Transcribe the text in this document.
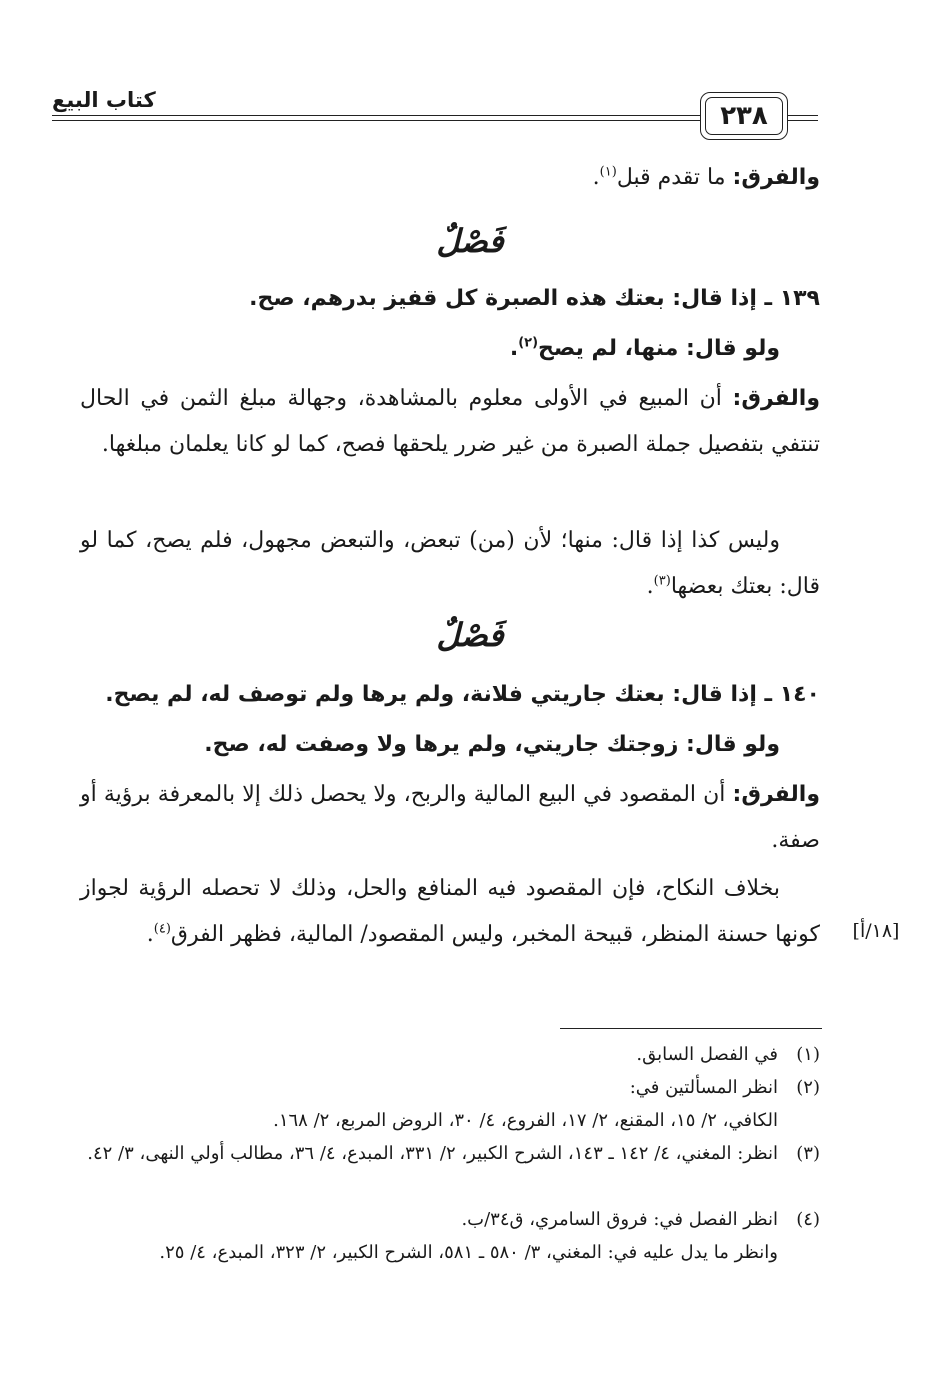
كتاب البيع
٢٣٨
والفرق: ما تقدم قبل$^{(١)}$.
فَصْلٌ
١٣٩ ـ إذا قال: بعتك هذه الصبرة كل قفيز بدرهم، صح.
ولو قال: منها، لم يصح$^{(٢)}$.
والفرق: أن المبيع في الأولى معلوم بالمشاهدة، وجهالة مبلغ الثمن في الحال تنتفي بتفصيل جملة الصبرة من غير ضرر يلحقها فصح، كما لو كانا يعلمان مبلغها.
وليس كذا إذا قال: منها؛ لأن (من) تبعض، والتبعض مجهول، فلم يصح، كما لو قال: بعتك بعضها$^{(٣)}$.
فَصْلٌ
١٤٠ ـ إذا قال: بعتك جاريتي فلانة، ولم يرها ولم توصف له، لم يصح.
ولو قال: زوجتك جاريتي، ولم يرها ولا وصفت له، صح.
والفرق: أن المقصود في البيع المالية والربح، ولا يحصل ذلك إلا بالمعرفة برؤية أو صفة.
بخلاف النكاح، فإن المقصود فيه المنافع والحل، وذلك لا تحصله الرؤية لجواز كونها حسنة المنظر، قبيحة المخبر، وليس المقصود/ المالية، فظهر الفرق$^{(٤)}$.	[١٨/أ]
(١)في الفصل السابق.
(٢)انظر المسألتين في:
الكافي، ٢/ ١٥، المقنع، ٢/ ١٧، الفروع، ٤/ ٣٠، الروض المربع، ٢/ ١٦٨.
(٣)انظر: المغني، ٤/ ١٤٢ ـ ١٤٣، الشرح الكبير، ٢/ ٣٣١، المبدع، ٤/ ٣٦، مطالب أولي النهى، ٣/ ٤٢.
(٤)انظر الفصل في: فروق السامري، ق٣٤/ب.
وانظر ما يدل عليه في: المغني، ٣/ ٥٨٠ ـ ٥٨١، الشرح الكبير، ٢/ ٣٢٣، المبدع، ٤/ ٢٥.
